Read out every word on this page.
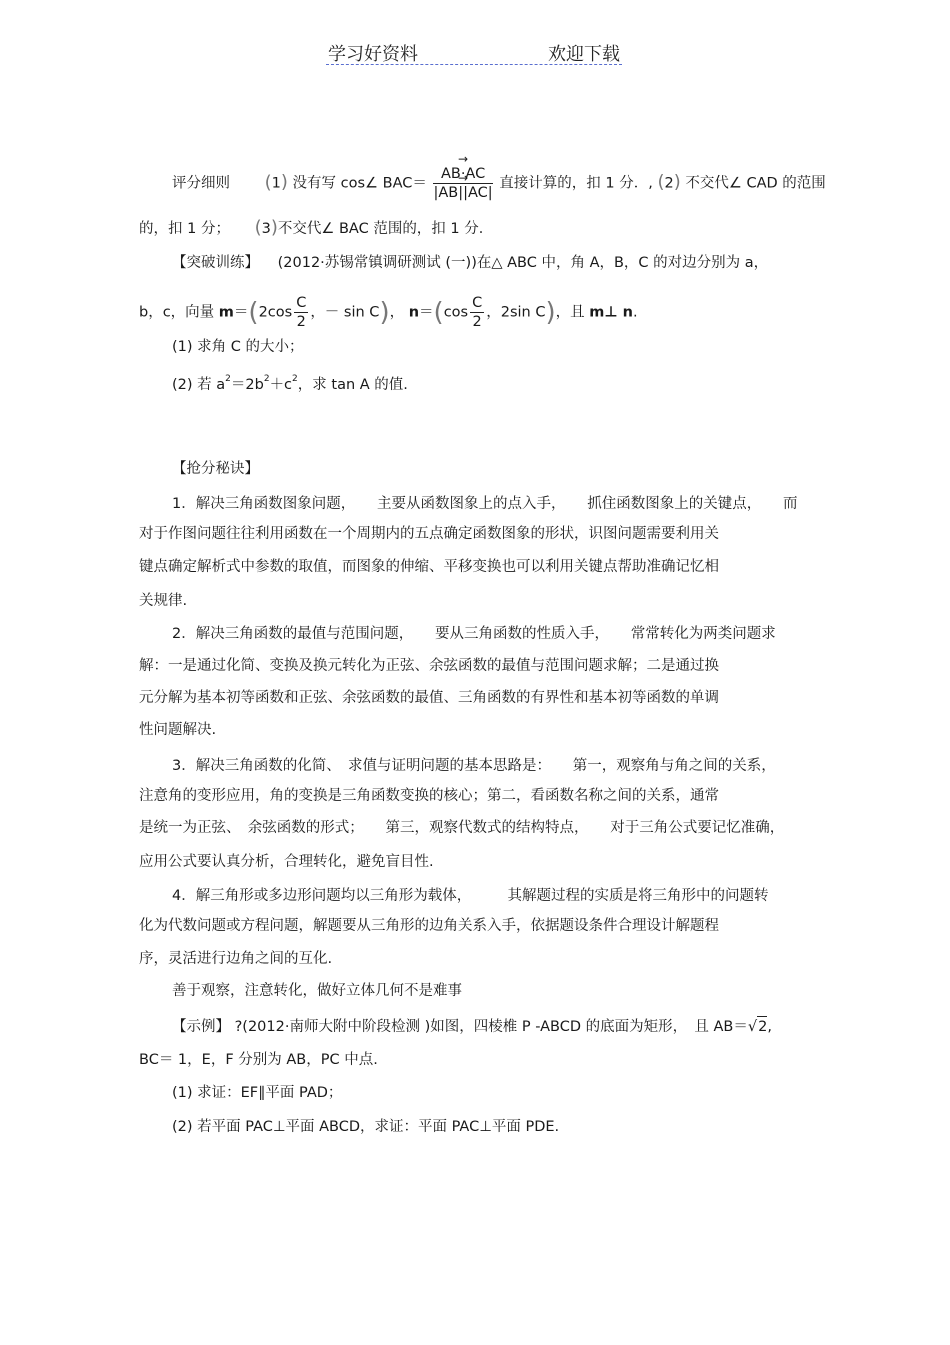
学习好资料	欢迎下载
评分细则 (1) 没有写 cos∠ BAC＝
→ AB·AC
→ |AB||AC| 直接计算的，扣 1 分．, (2) 不交代∠ CAD 的范围
的，扣 1 分； (3)不交代∠ BAC 范围的，扣 1 分．
【突破训练】 (2012·苏锡常镇调研测试 (一))在△ ABC 中，角 A，B，C 的对边分别为 a，
b，c，向量 $m=(2\cos \frac{C}{2}$ ，－ sin C)， $n=(\cos \frac{C}{2}$ ，2sin C)，且 m⊥ n.
(1) 求角 C 的大小；
(2) 若 $a^2=2b^2+c^2$，求 tan A 的值.
【抢分秘诀】
1．解决三角函数图象问题，　　主要从函数图象上的点入手，　　抓住函数图象上的关键点，　　而
对于作图问题往往利用函数在一个周期内的五点确定函数图象的形状，识图问题需要利用关
键点确定解析式中参数的取值，而图象的伸缩、平移变换也可以利用关键点帮助准确记忆相
关规律.
2．解决三角函数的最值与范围问题，　　要从三角函数的性质入手，　　常常转化为两类问题求
解：一是通过化简、变换及换元转化为正弦、余弦函数的最值与范围问题求解；二是通过换
元分解为基本初等函数和正弦、余弦函数的最值、三角函数的有界性和基本初等函数的单调
性问题解决.
3．解决三角函数的化简、　求值与证明问题的基本思路是：　　第一，观察角与角之间的关系，
注意角的变形应用，角的变换是三角函数变换的核心；第二，看函数名称之间的关系，通常
是统一为正弦、　余弦函数的形式；　　第三，观察代数式的结构特点，　　对于三角公式要记忆准确，
应用公式要认真分析，合理转化，避免盲目性.
4．解三角形或多边形问题均以三角形为载体，　　　其解题过程的实质是将三角形中的问题转
化为代数问题或方程问题，解题要从三角形的边角关系入手，依据题设条件合理设计解题程
序，灵活进行边角之间的互化.
善于观察，注意转化，做好立体几何不是难事
【示例】 ?(2012·南师大附中阶段检测 )如图，四棱椎 P -ABCD 的底面为矩形，　且 AB＝√2,
BC＝ 1，E，F 分别为 AB，PC 中点.
(1) 求证：EF∥平面 PAD；
(2) 若平面 PAC⊥平面 ABCD，求证：平面 PAC⊥平面 PDE.
